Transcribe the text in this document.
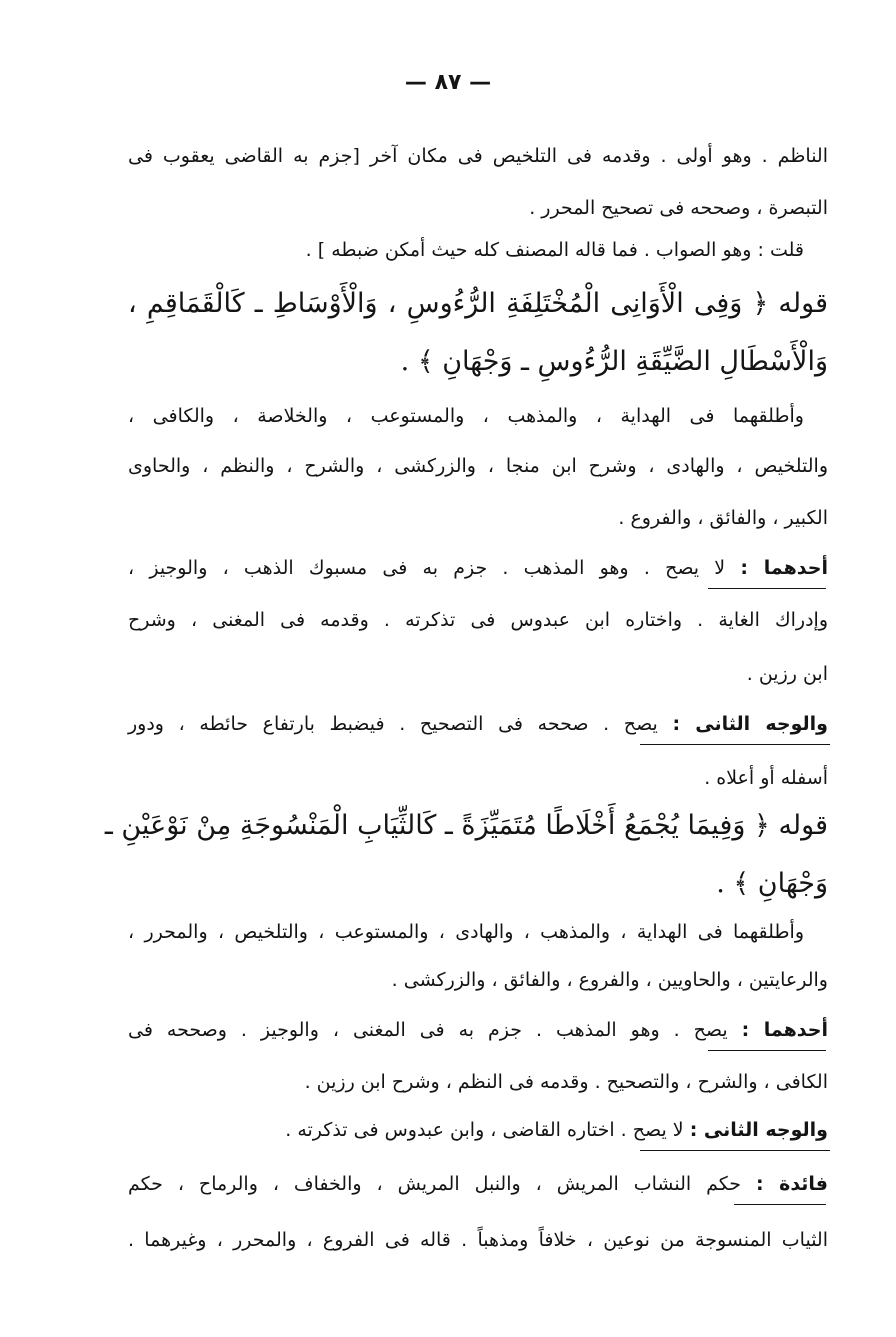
— ٨٧ —
الناظم . وهو أولى . وقدمه فى التلخيص فى مكان آخر [جزم به القاضى يعقوب فى
التبصرة ، وصححه فى تصحيح المحرر .
قلت : وهو الصواب . فما قاله المصنف كله حيث أمكن ضبطه ] .
قوله ﴿ وَفِى الْأَوَانِى الْمُخْتَلِفَةِ الرُّءُوسِ ، وَالْأَوْسَاطِ ـ كَالْقَمَاقِمِ ،
وَالْأَسْطَالِ الضَّيِّقَةِ الرُّءُوسِ ـ وَجْهَانِ ﴾ .
وأطلقهما فى الهداية ، والمذهب ، والمستوعب ، والخلاصة ، والكافى ،
والتلخيص ، والهادى ، وشرح ابن منجا ، والزركشى ، والشرح ، والنظم ، والحاوى
الكبير ، والفائق ، والفروع .
أحدهما : لا يصح . وهو المذهب . جزم به فى مسبوك الذهب ، والوجيز ،
وإدراك الغاية . واختاره ابن عبدوس فى تذكرته . وقدمه فى المغنى ، وشرح
ابن رزين .
والوجه الثانى : يصح . صححه فى التصحيح . فيضبط بارتفاع حائطه ، ودور
أسفله أو أعلاه .
قوله ﴿ وَفِيمَا يُجْمَعُ أَخْلَاطًا مُتَمَيِّزَةً ـ كَالثِّيَابِ الْمَنْسُوجَةِ مِنْ نَوْعَيْنِ ـ
وَجْهَانِ ﴾ .
وأطلقهما فى الهداية ، والمذهب ، والهادى ، والمستوعب ، والتلخيص ، والمحرر ،
والرعايتين ، والحاويين ، والفروع ، والفائق ، والزركشى .
أحدهما : يصح . وهو المذهب . جزم به فى المغنى ، والوجيز . وصححه فى
الكافى ، والشرح ، والتصحيح . وقدمه فى النظم ، وشرح ابن رزين .
والوجه الثانى : لا يصح . اختاره القاضى ، وابن عبدوس فى تذكرته .
فائدة : حكم النشاب المريش ، والنبل المريش ، والخفاف ، والرماح ، حكم
الثياب المنسوجة من نوعين ، خلافاً ومذهباً . قاله فى الفروع ، والمحرر ، وغيرهما .
